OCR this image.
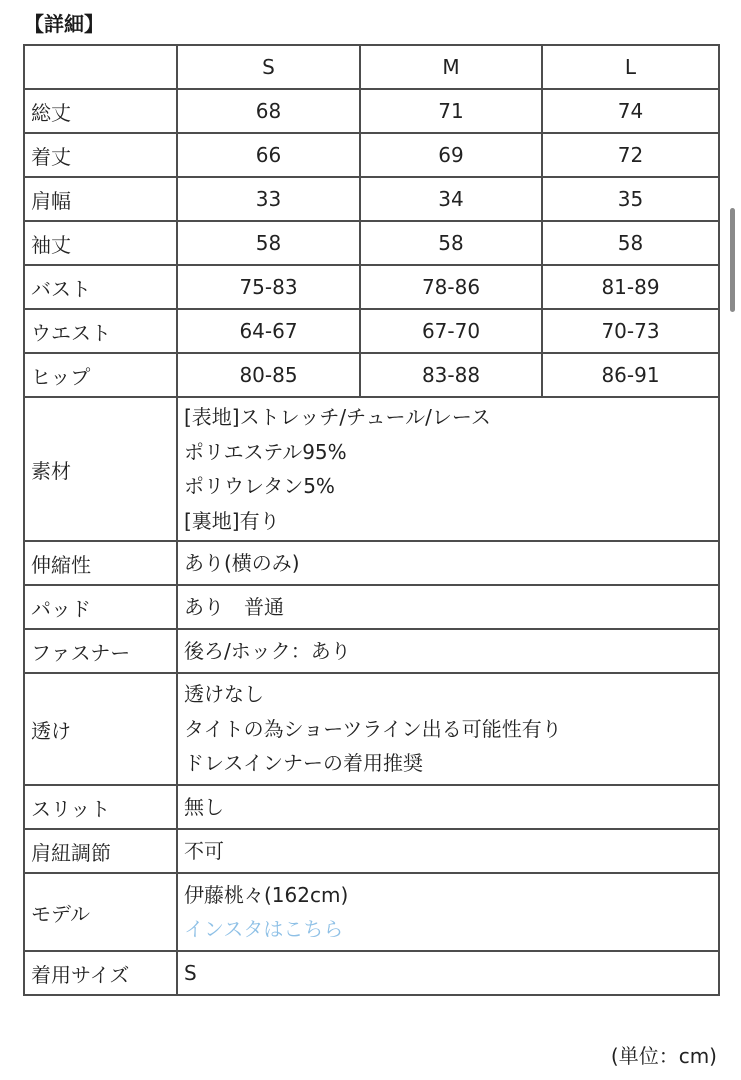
【詳細】
	S	M	L
総丈	68	71	74
着丈	66	69	72
肩幅	33	34	35
袖丈	58	58	58
バスト	75-83	78-86	81-89
ウエスト	64-67	67-70	70-73
ヒップ	80-85	83-88	86-91
素材	[表地]ストレッチ/チュール/レース
ポリエステル95%
ポリウレタン5%
[裏地]有り		

伸縮性	あり(横のみ)		

パッド	あり　普通		

ファスナー	後ろ/ホック：あり		

透け	透けなし
タイトの為ショーツライン出る可能性有り
ドレスインナーの着用推奨		

スリット	無し		

肩紐調節	不可		

モデル	伊藤桃々(162cm)
インスタはこちら		

着用サイズ	S		
(単位：cm)
